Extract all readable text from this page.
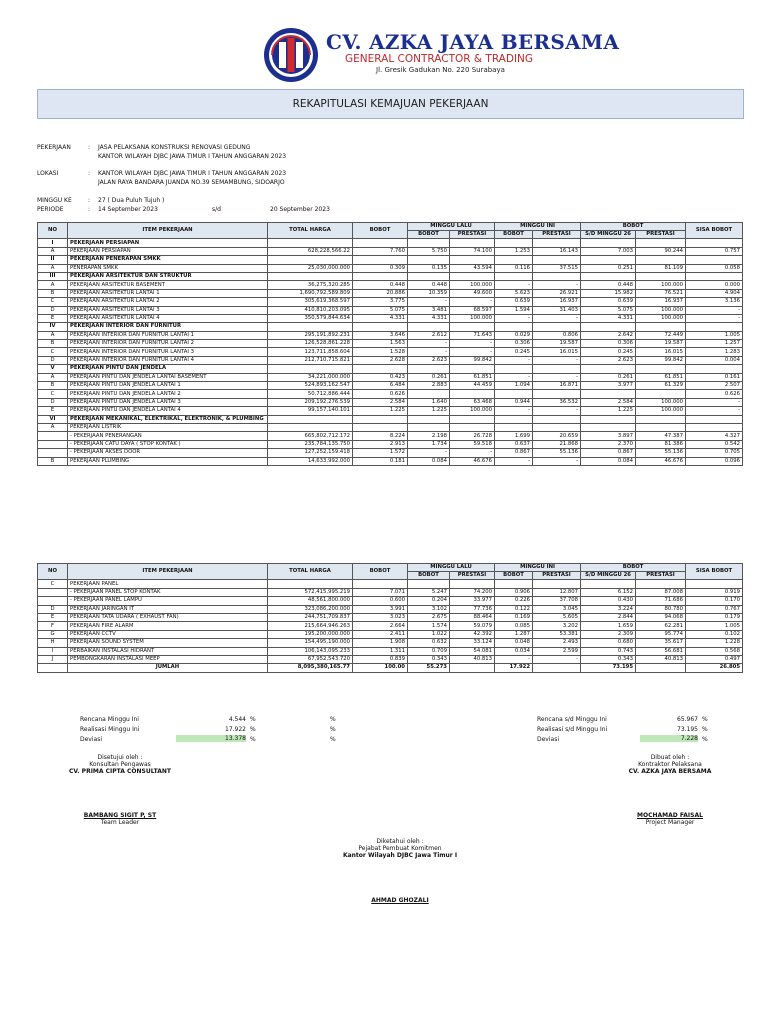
CV. AZKA JAYA BERSAMA
GENERAL CONTRACTOR & TRADING
Jl. Gresik Gadukan No. 220 Surabaya
REKAPITULASI KEMAJUAN PEKERJAAN
PEKERJAAN	: JASA PELAKSANA KONSTRUKSI RENOVASI GEDUNG
KANTOR WILAYAH DJBC JAWA TIMUR I TAHUN ANGGARAN 2023
LOKASI	: KANTOR WILAYAH DJBC JAWA TIMUR I TAHUN ANGGARAN 2023
JALAN RAYA BANDARA JUANDA NO.39 SEMAMBUNG, SIDOARJO
MINGGU KE	: 27 ( Dua Puluh Tujuh )
PERIODE	: 14 September 2023	s/d	20 September 2023
NO	ITEM PEKERJAAN	TOTAL HARGA	BOBOT	MINGGU LALU		MINGGU INI		BOBOT		SISA BOBOT
				BOBOT	PRESTASI	BOBOT	PRESTASI	S/D MINGGU 26	PRESTASI	
I	PEKERJAAN PERSIAPAN									
A	PEKERJAAN PERSIAPAN	628,228,566.22	7.760	5.750	74.100	1.253	16.143	7.003	90.244	0.757
II	PEKERJAAN PENERAPAN SMKK									
A	PENERAPAN SMKK	25,030,000.000	0.309	0.135	43.594	0.116	37.515	0.251	81.109	0.058
III	PEKERJAAN ARSITEKTUR DAN STRUKTUR									
A	PEKERJAAN ARSITEKTUR BASEMENT	36,275,320.285	0.448	0.448	100.000	-	-	0.448	100.000	0.000
B	PEKERJAAN ARSITEKTUR LANTAI 1	1,690,792,589.809	20.886	10.359	49.600	5.623	26.921	15.982	76.521	4.904
C	PEKERJAAN ARSITEKTUR LANTAI 2	305,619,368.597	3.775	-	-	0.639	16.937	0.639	16.937	3.136
D	PEKERJAAN ARSITEKTUR LANTAI 3	410,810,203.095	5.075	3.481	68.597	1.594	31.403	5.075	100.000	-
E	PEKERJAAN ARSITEKTUR LANTAI 4	350,579,844.634	4.331	4.331	100.000	-	-	4.331	100.000	-
IV	PEKERJAAN INTERIOR DAN FURNITUR									
A	PEKERJAAN INTERIOR DAN FURNITUR LANTAI 1	295,191,892.231	3.646	2.612	71.643	0.029	0.806	2.642	72.449	1.005
B	PEKERJAAN INTERIOR DAN FURNITUR LANTAI 2	126,528,861.228	1.563	-	-	0.306	19.587	0.306	19.587	1.257
C	PEKERJAAN INTERIOR DAN FURNITUR LANTAI 3	123,711,858.604	1.528	-	-	0.245	16.015	0.245	16.015	1.283
D	PEKERJAAN INTERIOR DAN FURNITUR LANTAI 4	212,710,715.821	2.628	2.623	99.842	-	-	2.623	99.842	0.004
V	PEKERJAAN PINTU DAN JENDELA									
A	PEKERJAAN PINTU DAN JENDELA LANTAI BASEMENT	34,221,000.000	0.423	0.261	61.851	-	-	0.261	61.851	0.161
B	PEKERJAAN PINTU DAN JENDELA LANTAI 1	524,893,162.547	6.484	2.883	44.459	1.094	16.871	3.977	61.329	2.507
C	PEKERJAAN PINTU DAN JENDELA LANTAI 2	50,712,886.444	0.626							0.626
D	PEKERJAAN PINTU DAN JENDELA LANTAI 3	209,192,276.539	2.584	1.640	63.468	0.944	36.532	2.584	100.000	-
E	PEKERJAAN PINTU DAN JENDELA LANTAI 4	99,157,140.101	1.225	1.225	100.000	-	-	1.225	100.000	-
VI	PEKERJAAN MEKANIKAL, ELEKTRIKAL, ELEKTRONIK, & PLUMBING									
A	PEKERJAAN LISTRIK									
	- PEKERJAAN PENERANGAN	665,802,712.172	8.224	2.198	26.728	1.699	20.659	3.897	47.387	4.327
	- PEKERJAAN CATU DAYA ( STOP KONTAK )	235,784,135.750	2.913	1.734	59.518	0.637	21.868	2.370	81.386	0.542
	- PEKERJAAN AKSES DOOR	127,252,159.418	1.572	-	-	0.867	55.136	0.867	55.136	0.705
B	PEKERJAAN PLUMBING	14,633,992.000	0.181	0.084	46.676	-	-	0.084	46.676	0.096
NO	ITEM PEKERJAAN	TOTAL HARGA	BOBOT	MINGGU LALU		MINGGU INI		BOBOT		SISA BOBOT
				BOBOT	PRESTASI	BOBOT	PRESTASI	S/D MINGGU 26	PRESTASI	
C	PEKERJAAN PANEL									
	- PEKERJAAN PANEL STOP KONTAK	572,415,995.219	7.071	5.247	74.200	0.906	12.807	6.152	87.008	0.919
	- PEKERJAAN PANEL LAMPU	48,561,800.000	0.600	0.204	33.977	0.226	37.708	0.430	71.686	0.170
D	PEKERJAAN JARINGAN IT	323,086,200.000	3.991	3.102	77.736	0.122	3.045	3.224	80.780	0.767
E	PEKERJAAN TATA UDARA ( EXHAUST FAN)	244,751,709.837	3.023	2.675	88.464	0.169	5.605	2.844	94.068	0.179
F	PEKERJAAN FIRE ALARM	215,664,946.263	2.664	1.574	59.079	0.085	3.202	1.659	62.281	1.005
G	PEKERJAAN CCTV	195,200,000.000	2.411	1.022	42.392	1.287	53.381	2.309	95.774	0.102
H	PEKERJAAN SOUND SYSTEM	154,495,190.000	1.908	0.632	33.124	0.048	2.493	0.680	35.617	1.228
I	PERBAIKAN INSTALASI HIDRANT	106,143,095.233	1.311	0.709	54.081	0.034	2.599	0.743	56.681	0.568
J	PEMBONGKARAN INSTALASI MEEP	67,952,543.720	0.839	0.343	40.813	-	-	0.343	40.813	0.497
	JUMLAH	8,095,380,165.77	100.00	55.273		17.922		73.195		26.805
Rencana Minggu Ini	4.544 %	%
Realisasi Minggu Ini	17.922 %	%
Deviasi	13.378 %	%
Rencana s/d Minggu Ini	65.967 %
Realisasi s/d Minggu Ini	73.195 %
Deviasi	7.228 %
Disetujui oleh :
Konsultan Pengawas
CV. PRIMA CIPTA CONSULTANT
BAMBANG SIGIT P, ST
Team Leader
Dibuat oleh :
Kontraktor Pelaksana
CV. AZKA JAYA BERSAMA
MOCHAMAD FAISAL
Project Manager
Diketahui oleh :
Pejabat Pembuat Komitmen
Kantor Wilayah DJBC Jawa Timur I
AHMAD GHOZALI
